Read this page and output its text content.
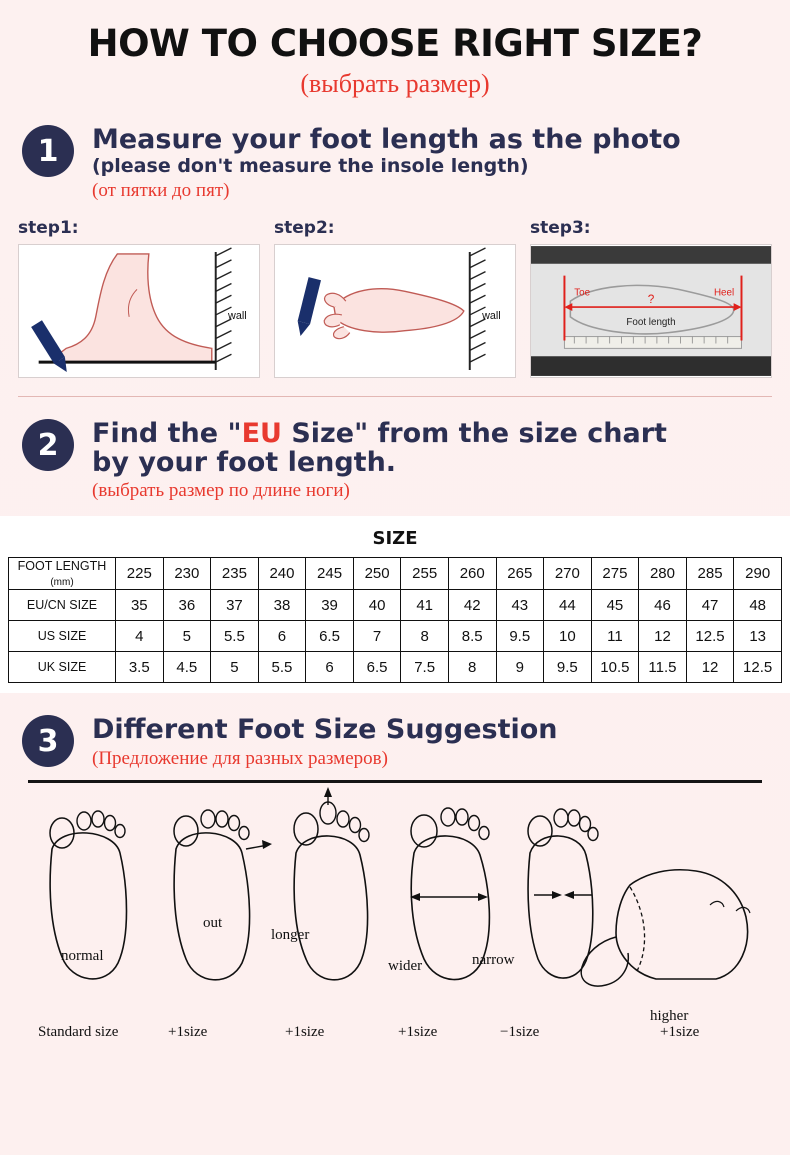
HOW TO CHOOSE RIGHT SIZE?
(выбрать размер)
1	Measure your foot length as the photo
(please don't measure the insole length)
(от пятки до пят)
step1:
wall
step2:
wall
step3:
Toe	Heel
?
Foot length
2	Find the "EU Size" from the size chart
by your foot length.
(выбрать размер по длине ноги)
SIZE
FOOT LENGTH
(mm)	225	230	235	240	245	250	255	260	265	270	275	280	285	290
EU/CN SIZE	35	36	37	38	39	40	41	42	43	44	45	46	47	48
US SIZE	4	5	5.5	6	6.5	7	8	8.5	9.5	10	11	12	12.5	13
UK SIZE	3.5	4.5	5	5.5	6	6.5	7.5	8	9	9.5	10.5	11.5	12	12.5
3	Different Foot Size Suggestion
(Предложение для разных размеров)
normal
out
longer
wider	narrow
higher
Standard size	+1size	+1size	+1size	−1size	+1size
